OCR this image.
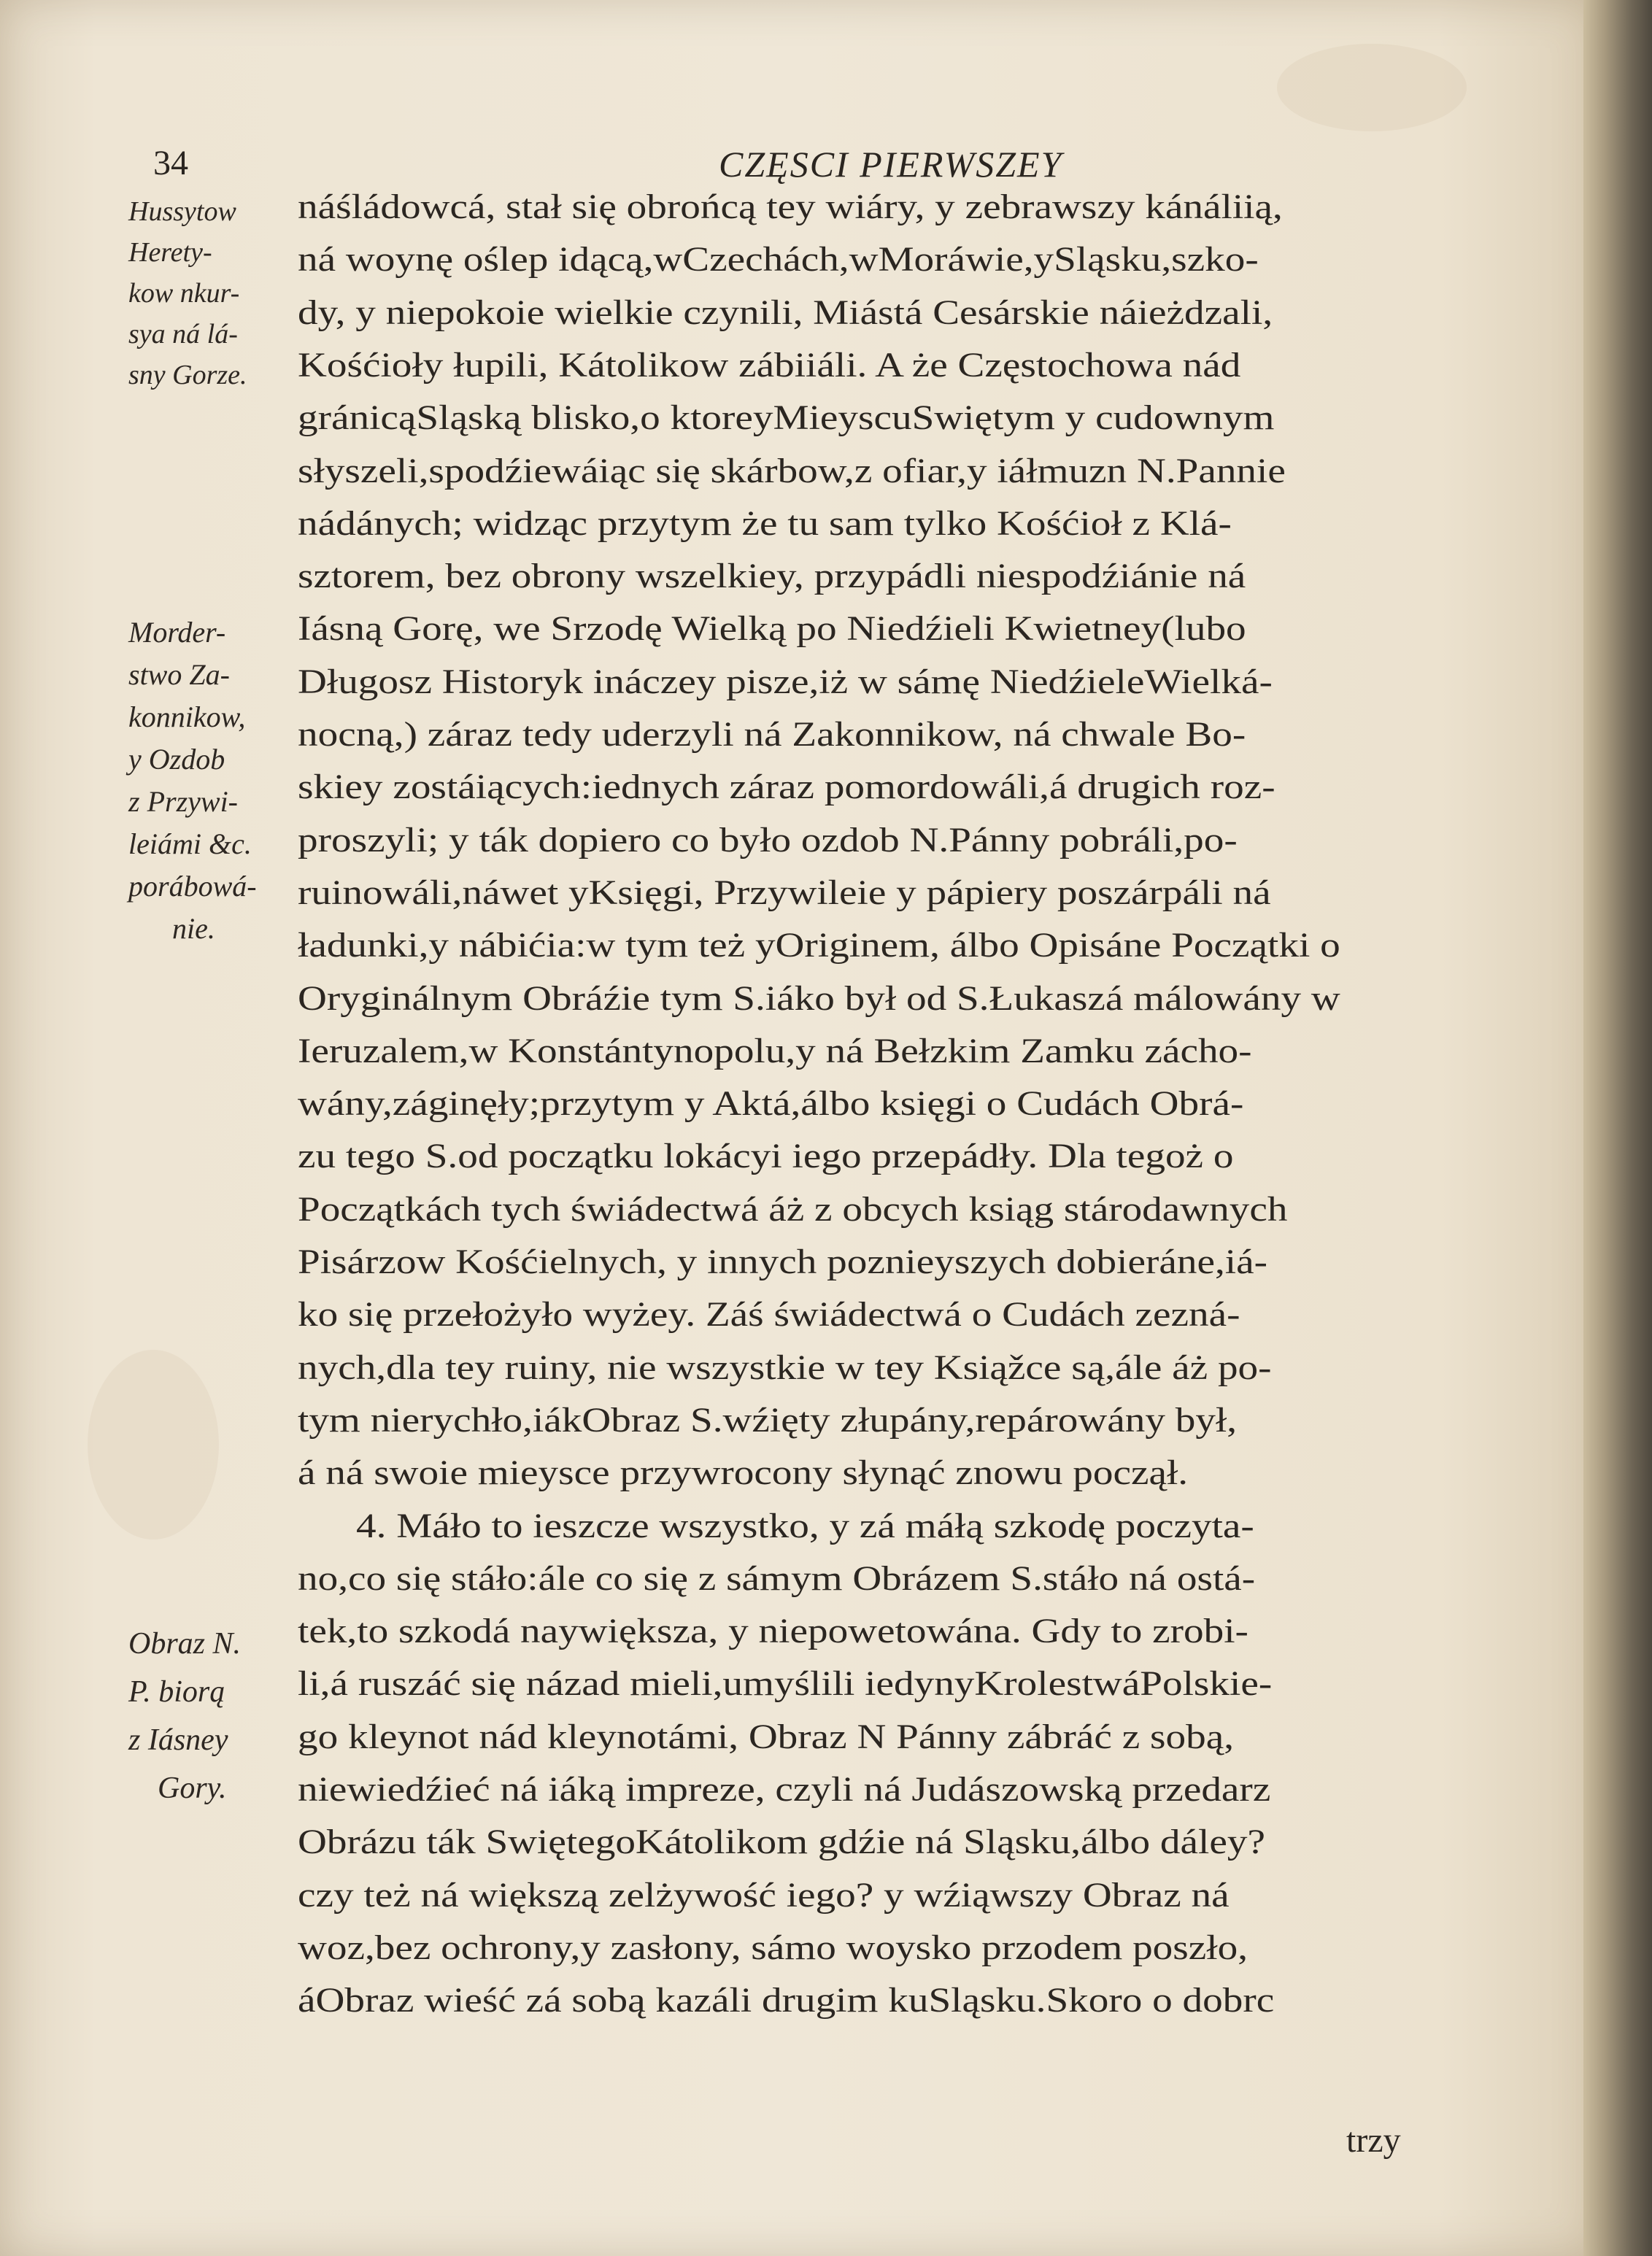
34	CZĘSCI PIERWSZEY
Hussytow
Herety-
kow nkur-
sya ná lá-
sny Gorze.
Morder-
stwo Za-
konnikow,
y Ozdob
z Przywi-
leiámi &c.
porábowá-
nie.
Obraz N.
P. biorą
z Iásney
Gory.
náśládowcá, stał się obrońcą tey wiáry, y zebrawszy kánáliią,
ná woynę oślep idącą,wCzechách,wMoráwie,ySląsku,szko-
dy, y niepokoie wielkie czynili, Miástá Cesárskie náieżdzali,
Kośćioły łupili, Kátolikow zábiiáli. A że Częstochowa nád
gránicąSląską blisko,o ktoreyMieyscuSwiętym y cudownym
słyszeli,spodźiewáiąc się skárbow,z ofiar,y iáłmuzn N.Pannie
nádánych; widząc przytym że tu sam tylko Kośćioł z Klá-
sztorem, bez obrony wszelkiey, przypádli niespodźiánie ná
Iásną Gorę, we Srzodę Wielką po Niedźieli Kwietney(lubo
Długosz Historyk ináczey pisze,iż w sámę NiedźieleWielká-
nocną,) záraz tedy uderzyli ná Zakonnikow, ná chwale Bo-
skiey zostáiących:iednych záraz pomordowáli,á drugich roz-
proszyli; y ták dopiero co było ozdob N.Pánny pobráli,po-
ruinowáli,náwet yKsięgi, Przywileie y pápiery poszárpáli ná
ładunki,y nábićia:w tym też yOriginem, álbo Opisáne Początki o
Oryginálnym Obráźie tym S.iáko był od S.Łukaszá málowány w
Ieruzalem,w Konstántynopolu,y ná Bełzkim Zamku zácho-
wány,záginęły;przytym y Aktá,álbo księgi o Cudách Obrá-
zu tego S.od początku lokácyi iego przepádły. Dla tegoż o
Początkách tych świádectwá áż z obcych ksiąg stárodawnych
Pisárzow Kośćielnych, y innych poznieyszych dobieráne,iá-
ko się przełożyło wyżey. Záś świádectwá o Cudách zezná-
nych,dla tey ruiny, nie wszystkie w tey Ksiąžce są,ále áż po-
tym nierychło,iákObraz S.wźięty złupány,repárowány był,
á ná swoie mieysce przywrocony słynąć znowu począł.
4. Máło to ieszcze wszystko, y zá máłą szkodę poczyta-
no,co się stáło:ále co się z sámym Obrázem S.stáło ná ostá-
tek,to szkodá naywiększa, y niepowetowána. Gdy to zrobi-
li,á ruszáć się názad mieli,umyślili iedynyKrolestwáPolskie-
go kleynot nád kleynotámi, Obraz N Pánny zábráć z sobą,
niewiedźieć ná iáką impreze, czyli ná Judászowską przedarz
Obrázu ták SwiętegoKátolikom gdźie ná Sląsku,álbo dáley?
czy też ná większą zelżywość iego? y wźiąwszy Obraz ná
woz,bez ochrony,y zasłony, sámo woysko przodem poszło,
áObraz wieść zá sobą kazáli drugim kuSląsku.Skoro o dobrc
trzy
